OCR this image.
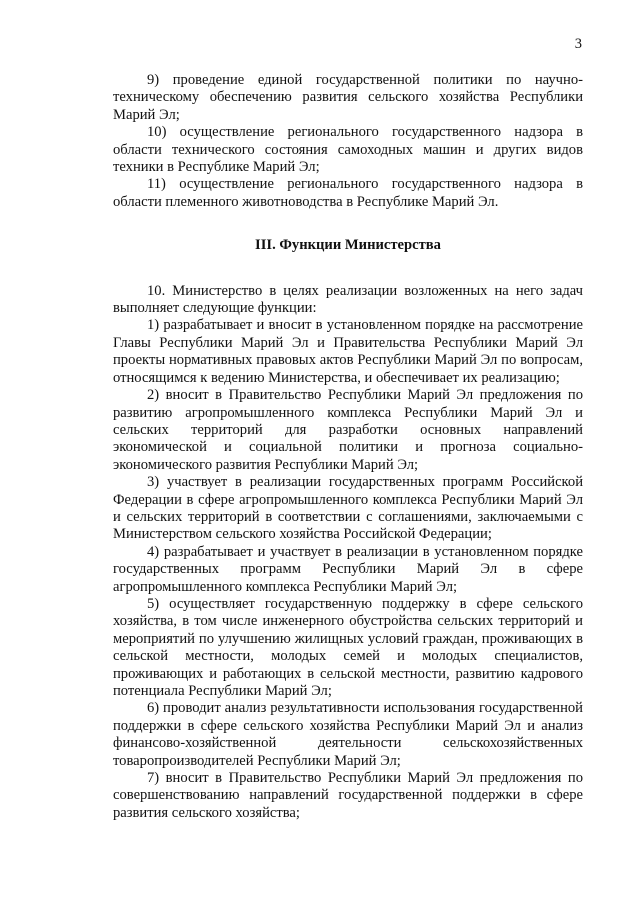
3

9) проведение единой государственной политики по научно-техническому обеспечению развития сельского хозяйства Республики Марий Эл;

10) осуществление регионального государственного надзора в области технического состояния самоходных машин и других видов техники в Республике Марий Эл;

11) осуществление регионального государственного надзора в области племенного животноводства в Республике Марий Эл.

III. Функции Министерства

10. Министерство в целях реализации возложенных на него задач выполняет следующие функции:

1) разрабатывает и вносит в установленном порядке на рассмотрение Главы Республики Марий Эл и Правительства Республики Марий Эл проекты нормативных правовых актов Республики Марий Эл по вопросам, относящимся к ведению Министерства, и обеспечивает их реализацию;

2) вносит в Правительство Республики Марий Эл предложения по развитию агропромышленного комплекса Республики Марий Эл и сельских территорий для разработки основных направлений экономической и социальной политики и прогноза социально-экономического развития Республики Марий Эл;

3) участвует в реализации государственных программ Российской Федерации в сфере агропромышленного комплекса Республики Марий Эл и сельских территорий в соответствии с соглашениями, заключаемыми с Министерством сельского хозяйства Российской Федерации;

4) разрабатывает и участвует в реализации в установленном порядке государственных программ Республики Марий Эл в сфере агропромышленного комплекса Республики Марий Эл;

5) осуществляет государственную поддержку в сфере сельского хозяйства, в том числе инженерного обустройства сельских территорий и мероприятий по улучшению жилищных условий граждан, проживающих в сельской местности, молодых семей и молодых специалистов, проживающих и работающих в сельской местности, развитию кадрового потенциала Республики Марий Эл;

6) проводит анализ результативности использования государственной поддержки в сфере сельского хозяйства Республики Марий Эл и анализ финансово-хозяйственной деятельности сельскохозяйственных товаропроизводителей Республики Марий Эл;

7) вносит в Правительство Республики Марий Эл предложения по совершенствованию направлений государственной поддержки в сфере развития сельского хозяйства;
